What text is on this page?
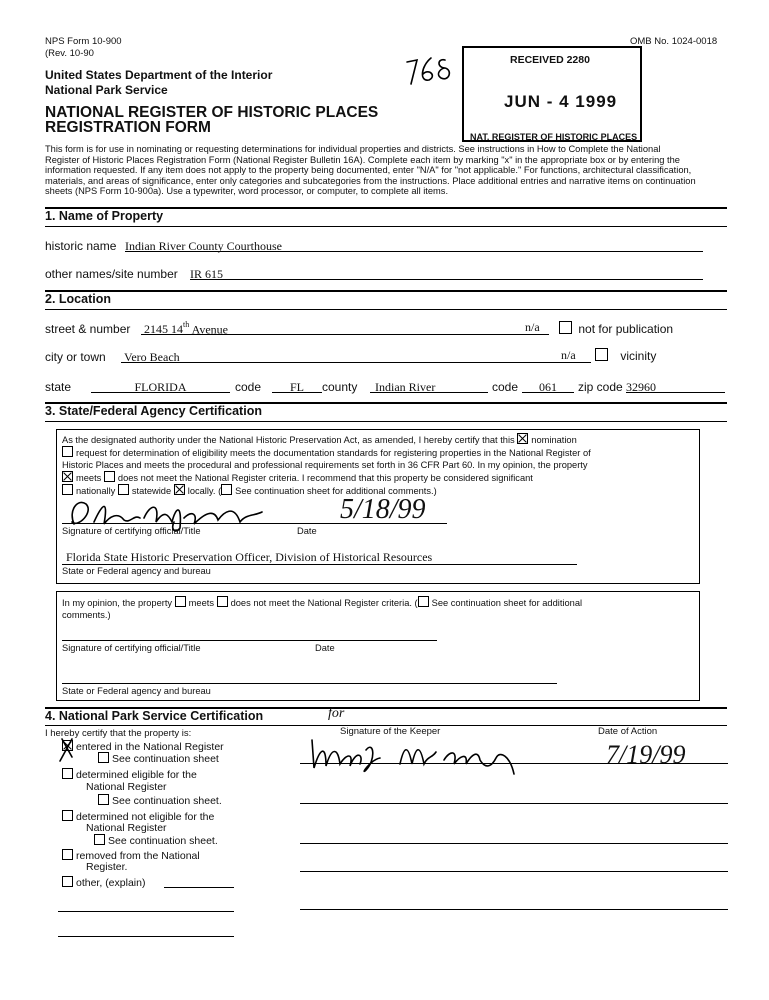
NPS Form 10-900
(Rev. 10-90
OMB No. 1024-0018
United States Department of the Interior
National Park Service
NATIONAL REGISTER OF HISTORIC PLACES
REGISTRATION FORM
RECEIVED 2280
JUN - 4 1999
NAT. REGISTER OF HISTORIC PLACES
This form is for use in nominating or requesting determinations for individual properties and districts. See instructions in How to Complete the National
Register of Historic Places Registration Form (National Register Bulletin 16A). Complete each item by marking "x" in the appropriate box or by entering the
information requested. If any item does not apply to the property being documented, enter "N/A" for "not applicable." For functions, architectural classification,
materials, and areas of significance, enter only categories and subcategories from the instructions. Place additional entries and narrative items on continuation
sheets (NPS Form 10-900a). Use a typewriter, word processor, or computer, to complete all items.
1. Name of Property
historic name Indian River County Courthouse
other names/site number IR 615
2. Location
street & number 2145 14th Avenue	n/a	not for publication
city or town Vero Beach	n/a	vicinity
state	FLORIDA	code	FL	county	Indian River	code	061	zip code 32960
3. State/Federal Agency Certification
As the designated authority under the National Historic Preservation Act, as amended, I hereby certify that this nomination
request for determination of eligibility meets the documentation standards for registering properties in the National Register of
Historic Places and meets the procedural and professional requirements set forth in 36 CFR Part 60. In my opinion, the property
meets does not meet the National Register criteria. I recommend that this property be considered significant
nationally statewide locally. ( See continuation sheet for additional comments.)
Signature of certifying official/Title	Date
5/18/99
Florida State Historic Preservation Officer, Division of Historical Resources
State or Federal agency and bureau
In my opinion, the property meets does not meet the National Register criteria. ( See continuation sheet for additional
comments.)
Signature of certifying official/Title	Date
State or Federal agency and bureau
4. National Park Service Certification
I hereby certify that the property is:
entered in the National Register
See continuation sheet
determined eligible for the
National Register
See continuation sheet.
determined not eligible for the
National Register
See continuation sheet.
removed from the National
Register.
other, (explain)
for
Signature of the Keeper	Date of Action
7/19/99
